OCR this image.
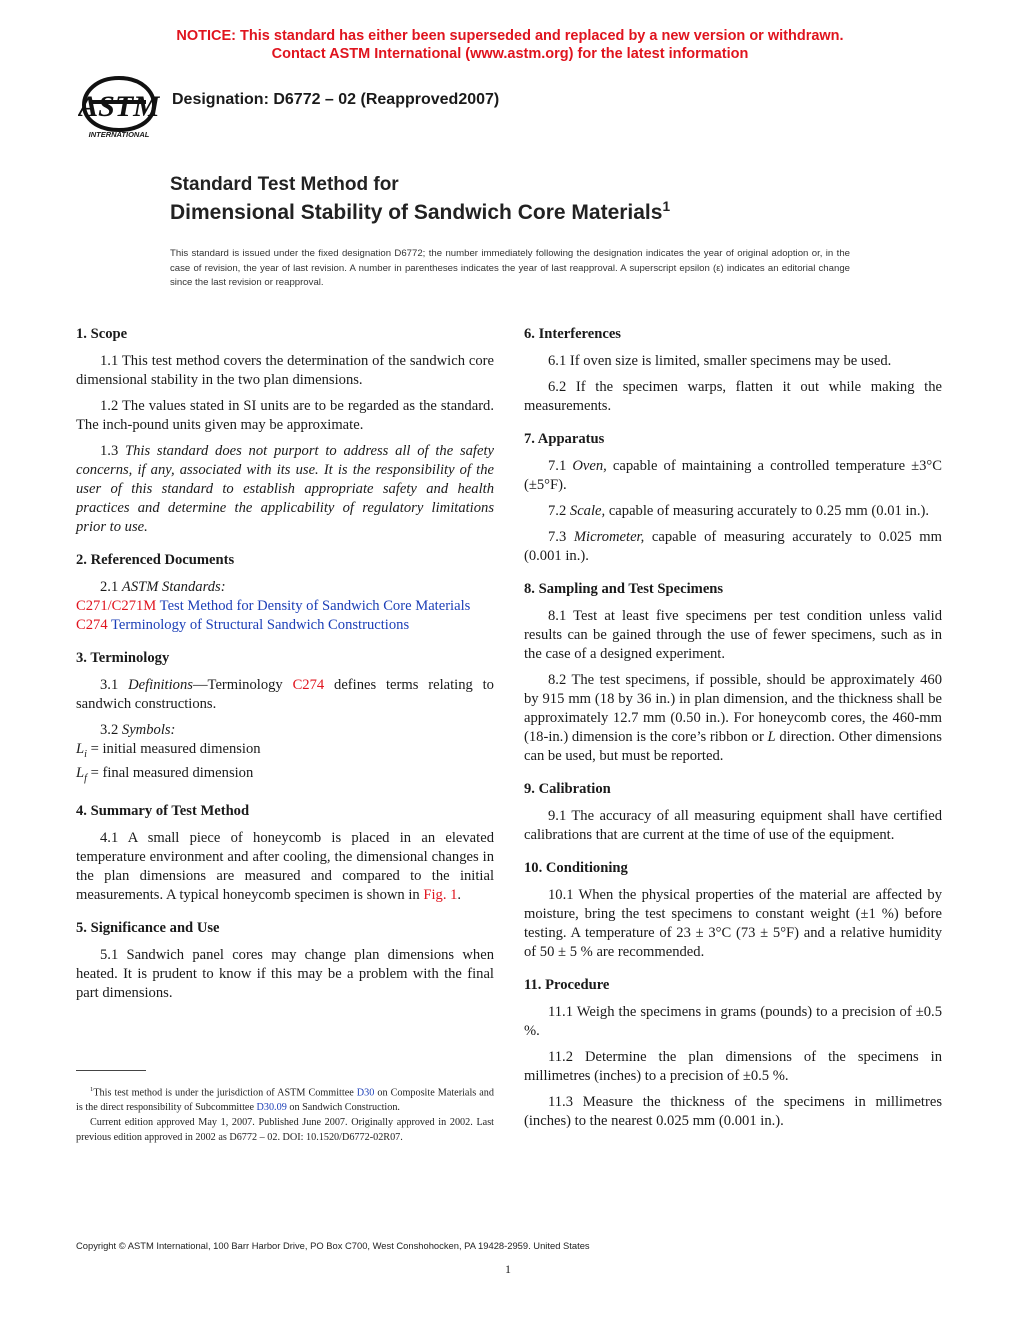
NOTICE: This standard has either been superseded and replaced by a new version or withdrawn.
Contact ASTM International (www.astm.org) for the latest information
ASTM
INTERNATIONAL
Designation: D6772 – 02 (Reapproved2007)
Standard Test Method for
Dimensional Stability of Sandwich Core Materials$^1$
This standard is issued under the fixed designation D6772; the number immediately following the designation indicates the year of original adoption or, in the case of revision, the year of last revision. A number in parentheses indicates the year of last reapproval. A superscript epsilon (ε) indicates an editorial change since the last revision or reapproval.
1. Scope

1.1 This test method covers the determination of the sandwich core dimensional stability in the two plan dimensions.

1.2 The values stated in SI units are to be regarded as the standard. The inch-pound units given may be approximate.

1.3 This standard does not purport to address all of the safety concerns, if any, associated with its use. It is the responsibility of the user of this standard to establish appropriate safety and health practices and determine the applicability of regulatory limitations prior to use.

2. Referenced Documents

2.1 ASTM Standards:

C271/C271M Test Method for Density of Sandwich Core Materials

C274 Terminology of Structural Sandwich Constructions

3. Terminology

3.1 Definitions—Terminology C274 defines terms relating to sandwich constructions.

3.2 Symbols:

$L_i$ = initial measured dimension

$L_f$ = final measured dimension

4. Summary of Test Method

4.1 A small piece of honeycomb is placed in an elevated temperature environment and after cooling, the dimensional changes in the plan dimensions are measured and compared to the initial measurements. A typical honeycomb specimen is shown in Fig. 1.

5. Significance and Use

5.1 Sandwich panel cores may change plan dimensions when heated. It is prudent to know if this may be a problem with the final part dimensions.

$^1$This test method is under the jurisdiction of ASTM Committee D30 on Composite Materials and is the direct responsibility of Subcommittee D30.09 on Sandwich Construction.

Current edition approved May 1, 2007. Published June 2007. Originally approved in 2002. Last previous edition approved in 2002 as D6772 – 02. DOI: 10.1520/D6772-02R07.

6. Interferences

6.1 If oven size is limited, smaller specimens may be used.

6.2 If the specimen warps, flatten it out while making the measurements.

7. Apparatus

7.1 Oven, capable of maintaining a controlled temperature ±3°C (±5°F).

7.2 Scale, capable of measuring accurately to 0.25 mm (0.01 in.).

7.3 Micrometer, capable of measuring accurately to 0.025 mm (0.001 in.).

8. Sampling and Test Specimens

8.1 Test at least five specimens per test condition unless valid results can be gained through the use of fewer specimens, such as in the case of a designed experiment.

8.2 The test specimens, if possible, should be approximately 460 by 915 mm (18 by 36 in.) in plan dimension, and the thickness shall be approximately 12.7 mm (0.50 in.). For honeycomb cores, the 460-mm (18-in.) dimension is the core’s ribbon or L direction. Other dimensions can be used, but must be reported.

9. Calibration

9.1 The accuracy of all measuring equipment shall have certified calibrations that are current at the time of use of the equipment.

10. Conditioning

10.1 When the physical properties of the material are affected by moisture, bring the test specimens to constant weight (±1 %) before testing. A temperature of 23 ± 3°C (73 ± 5°F) and a relative humidity of 50 ± 5 % are recommended.

11. Procedure

11.1 Weigh the specimens in grams (pounds) to a precision of ±0.5 %.

11.2 Determine the plan dimensions of the specimens in millimetres (inches) to a precision of ±0.5 %.

11.3 Measure the thickness of the specimens in millimetres (inches) to the nearest 0.025 mm (0.001 in.).

Copyright © ASTM International, 100 Barr Harbor Drive, PO Box C700, West Conshohocken, PA 19428-2959. United States
1
